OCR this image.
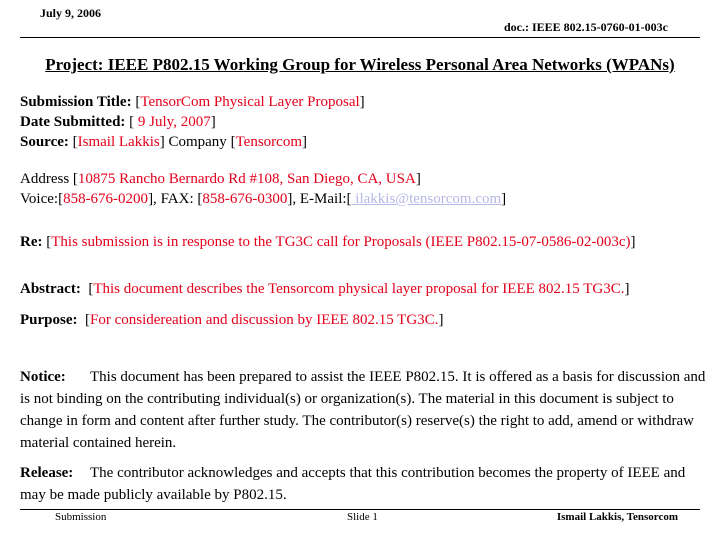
July 9, 2006
doc.: IEEE 802.15-0760-01-003c
Project: IEEE P802.15 Working Group for Wireless Personal Area Networks (WPANs)
Submission Title: [TensorCom Physical Layer Proposal]
Date Submitted: [ 9 July, 2007]
Source: [Ismail Lakkis] Company [Tensorcom]
Address [10875 Rancho Bernardo Rd #108, San Diego, CA, USA]
Voice:[858-676-0200], FAX: [858-676-0300], E-Mail:[ ilakkis@tensorcom.com]
Re: [This submission is in response to the TG3C call for Proposals (IEEE P802.15-07-0586-02-003c)]
Abstract:  [This document describes the Tensorcom physical layer proposal for IEEE 802.15 TG3C.]
Purpose:  [For considereation and discussion by IEEE 802.15 TG3C.]
Notice: This document has been prepared to assist the IEEE P802.15. It is offered as a basis for discussion and is not binding on the contributing individual(s) or organization(s). The material in this document is subject to change in form and content after further study. The contributor(s) reserve(s) the right to add, amend or withdraw material contained herein.
Release: The contributor acknowledges and accepts that this contribution becomes the property of IEEE and may be made publicly available by P802.15.
Submission	Slide 1	Ismail Lakkis, Tensorcom
